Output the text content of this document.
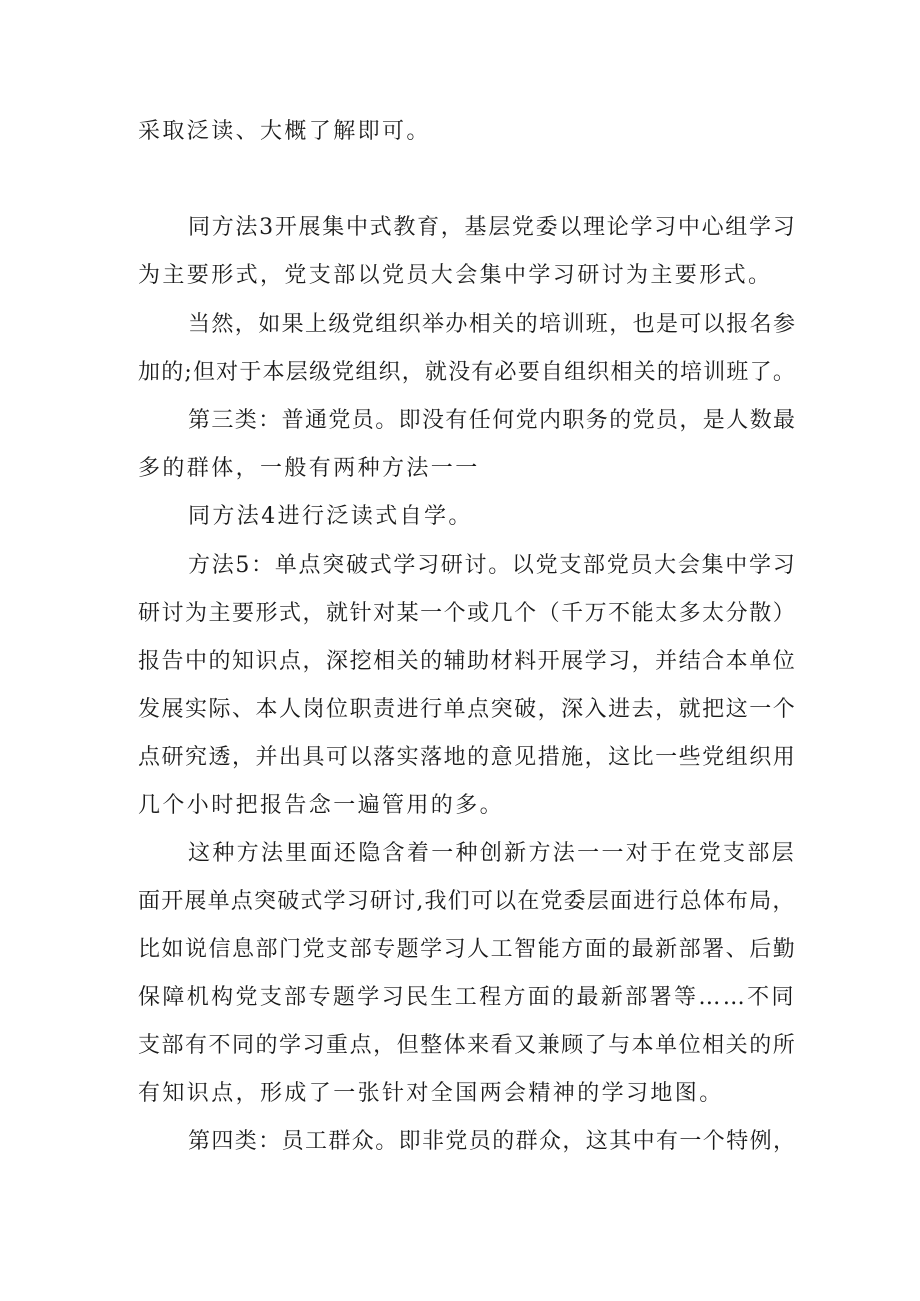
采取泛读、大概了解即可。
同方法3开展集中式教育，基层党委以理论学习中心组学习
为主要形式，党支部以党员大会集中学习研讨为主要形式。
当然，如果上级党组织举办相关的培训班，也是可以报名参
加的;但对于本层级党组织，就没有必要自组织相关的培训班了。
第三类：普通党员。即没有任何党内职务的党员，是人数最
多的群体，一般有两种方法一一
同方法4进行泛读式自学。
方法5：单点突破式学习研讨。以党支部党员大会集中学习
研讨为主要形式，就针对某一个或几个（千万不能太多太分散）
报告中的知识点，深挖相关的辅助材料开展学习，并结合本单位
发展实际、本人岗位职责进行单点突破，深入进去，就把这一个
点研究透，并出具可以落实落地的意见措施，这比一些党组织用
几个小时把报告念一遍管用的多。
这种方法里面还隐含着一种创新方法一一对于在党支部层
面开展单点突破式学习研讨,我们可以在党委层面进行总体布局，
比如说信息部门党支部专题学习人工智能方面的最新部署、后勤
保障机构党支部专题学习民生工程方面的最新部署等……不同
支部有不同的学习重点，但整体来看又兼顾了与本单位相关的所
有知识点，形成了一张针对全国两会精神的学习地图。
第四类：员工群众。即非党员的群众，这其中有一个特例，
